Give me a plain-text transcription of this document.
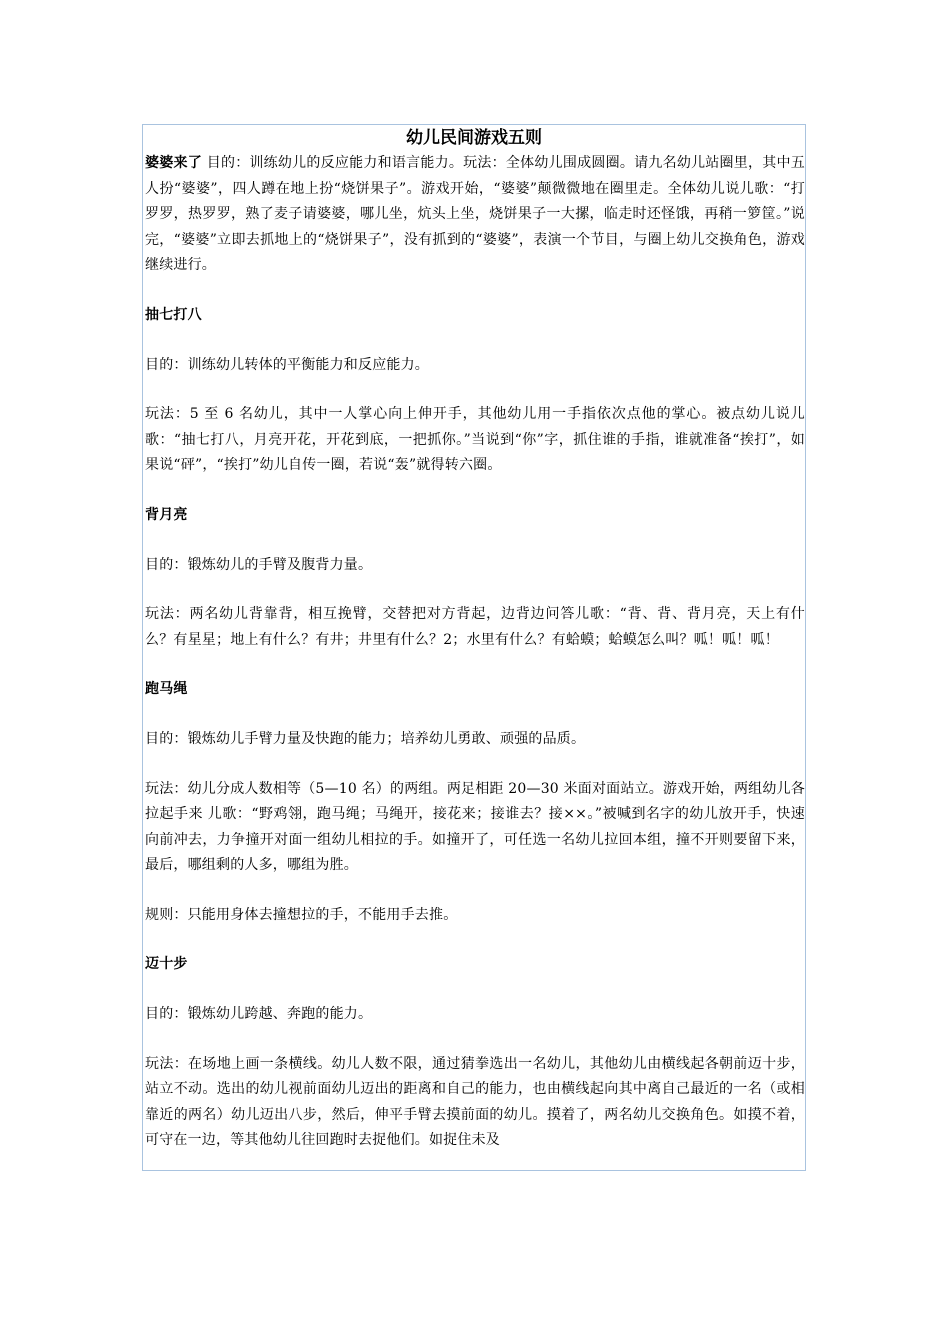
幼儿民间游戏五则

婆婆来了 目的：训练幼儿的反应能力和语言能力。玩法：全体幼儿围成圆圈。请九名幼儿站圈里，其中五人扮“婆婆”，四人蹲在地上扮“烧饼果子”。游戏开始，“婆婆”颠微微地在圈里走。全体幼儿说儿歌：“打罗罗，热罗罗，熟了麦子请婆婆，哪儿坐，炕头上坐，烧饼果子一大摞，临走时还怪饿，再稍一箩筐。”说完，“婆婆”立即去抓地上的“烧饼果子”，没有抓到的“婆婆”，表演一个节目，与圈上幼儿交换角色，游戏继续进行。

抽七打八

目的：训练幼儿转体的平衡能力和反应能力。

玩法：5 至 6 名幼儿，其中一人掌心向上伸开手，其他幼儿用一手指依次点他的掌心。被点幼儿说儿歌：“抽七打八，月亮开花，开花到底，一把抓你。”当说到“你”字，抓住谁的手指，谁就准备“挨打”，如果说“砰”，“挨打”幼儿自传一圈，若说“轰”就得转六圈。

背月亮

目的：锻炼幼儿的手臂及腹背力量。

玩法：两名幼儿背靠背，相互挽臂，交替把对方背起，边背边问答儿歌：“背、背、背月亮，天上有什么？有星星；地上有什么？有井；井里有什么？2；水里有什么？有蛤蟆；蛤蟆怎么叫？呱！呱！呱！

跑马绳

目的：锻炼幼儿手臂力量及快跑的能力；培养幼儿勇敢、顽强的品质。

玩法：幼儿分成人数相等（5—10 名）的两组。两足相距 20—30 米面对面站立。游戏开始，两组幼儿各拉起手来 儿歌：“野鸡翎，跑马绳；马绳开，接花来；接谁去？接××。”被喊到名字的幼儿放开手，快速向前冲去，力争撞开对面一组幼儿相拉的手。如撞开了，可任选一名幼儿拉回本组，撞不开则要留下来，最后，哪组剩的人多，哪组为胜。

规则：只能用身体去撞想拉的手，不能用手去推。

迈十步

目的：锻炼幼儿跨越、奔跑的能力。

玩法：在场地上画一条横线。幼儿人数不限，通过猜拳选出一名幼儿，其他幼儿由横线起各朝前迈十步，站立不动。选出的幼儿视前面幼儿迈出的距离和自己的能力，也由横线起向其中离自己最近的一名（或相靠近的两名）幼儿迈出八步，然后，伸平手臂去摸前面的幼儿。摸着了，两名幼儿交换角色。如摸不着，可守在一边，等其他幼儿往回跑时去捉他们。如捉住未及
